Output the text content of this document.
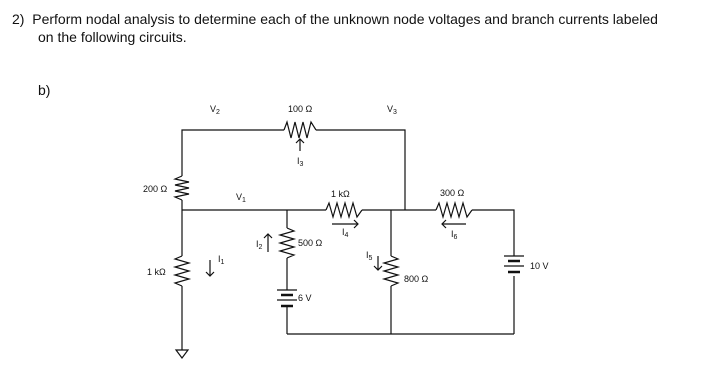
2) Perform nodal analysis to determine each of the unknown node voltages and branch currents labeled
on the following circuits.
b)
$V_2$	$V_3$
$V_1$
100 Ω
200 Ω	1 kΩ	300 Ω
500 Ω
1 kΩ
800 Ω
6 V
10 V
$I_3$
$I_4$	$I_6$
$I_2$
$I_1$
$I_5$
